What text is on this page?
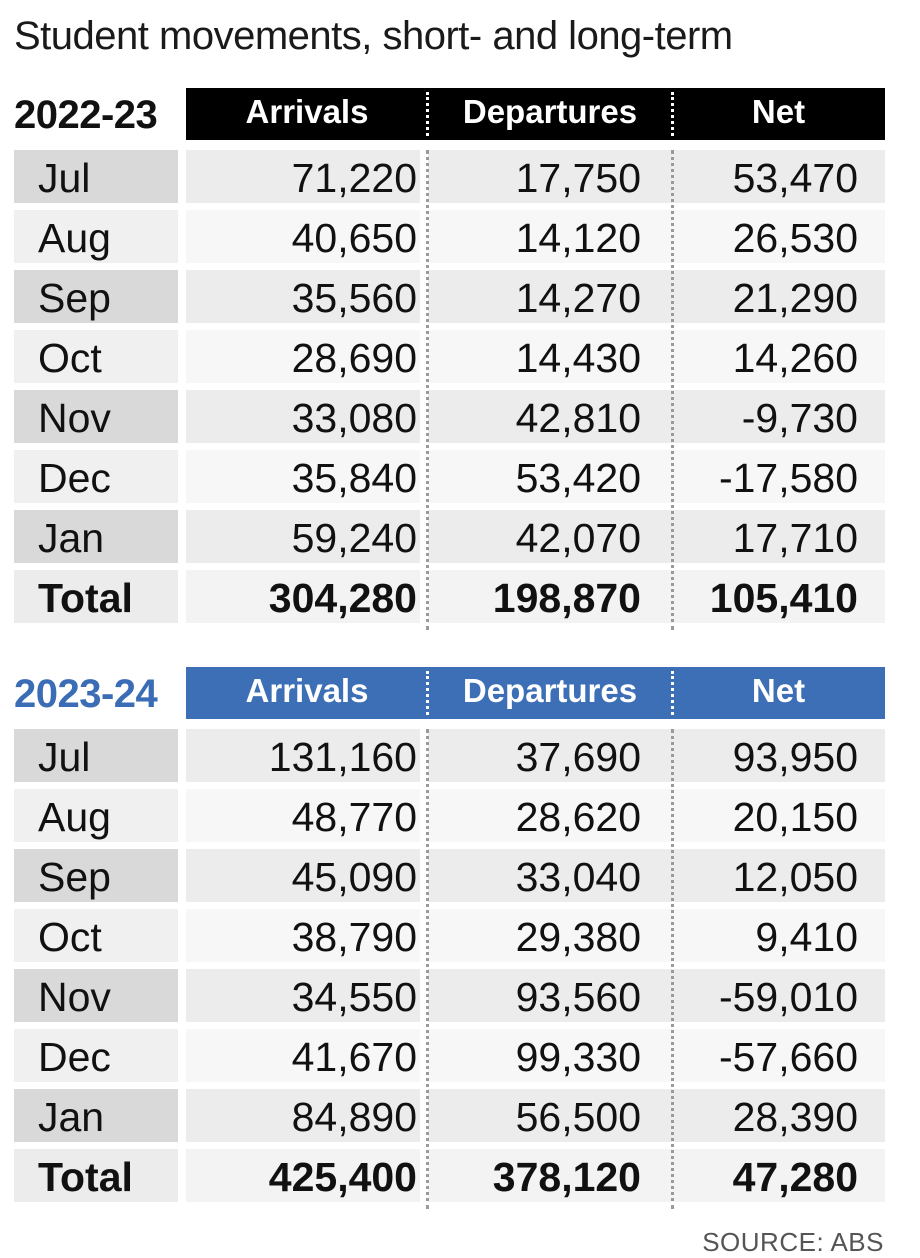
Student movements, short- and long-term
2022-23	Arrivals	Departures	Net
Jul	71,220	17,750	53,470
Aug	40,650	14,120	26,530
Sep	35,560	14,270	21,290
Oct	28,690	14,430	14,260
Nov	33,080	42,810	-9,730
Dec	35,840	53,420	-17,580
Jan	59,240	42,070	17,710
Total	304,280	198,870	105,410
2023-24	Arrivals	Departures	Net
Jul	131,160	37,690	93,950
Aug	48,770	28,620	20,150
Sep	45,090	33,040	12,050
Oct	38,790	29,380	9,410
Nov	34,550	93,560	-59,010
Dec	41,670	99,330	-57,660
Jan	84,890	56,500	28,390
Total	425,400	378,120	47,280
SOURCE: ABS
